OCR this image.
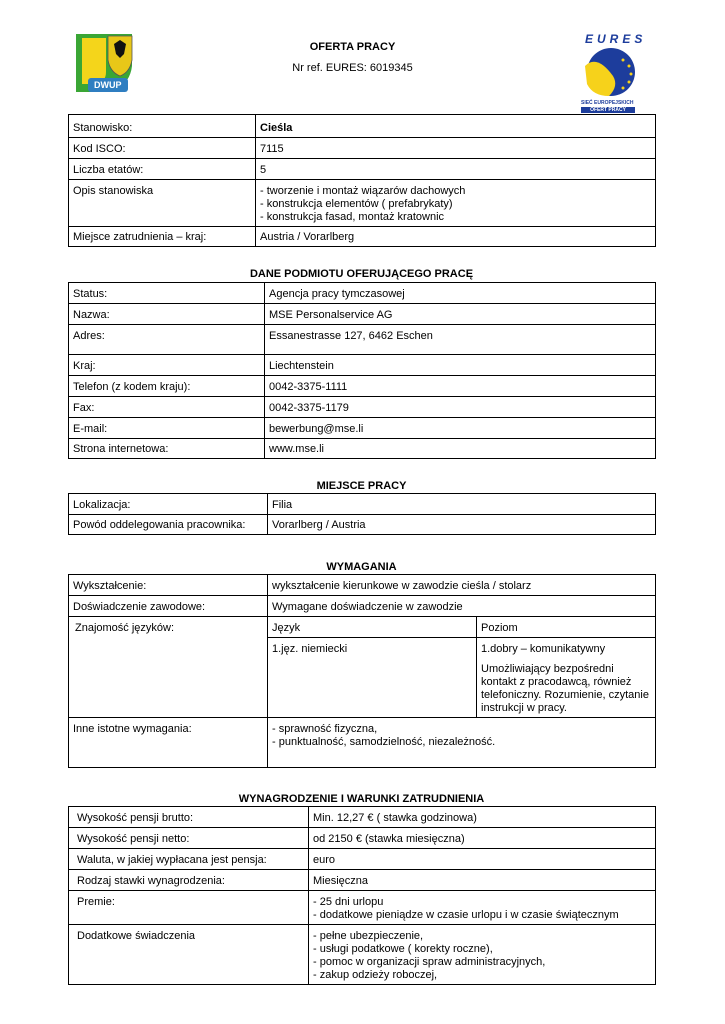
DWUP
OFERTA PRACY
Nr ref. EURES: 6019345
EURES
SIEĆ EUROPEJSKICH
OFERT PRACY
Stanowisko:	Cieśla
Kod ISCO:	7115
Liczba etatów:	5
Opis stanowiska	- tworzenie i montaż wiązarów dachowych
- konstrukcja elementów ( prefabrykaty)
- konstrukcja fasad, montaż kratownic
Miejsce zatrudnienia – kraj:	Austria / Vorarlberg
DANE PODMIOTU OFERUJĄCEGO PRACĘ
Status:	Agencja pracy tymczasowej
Nazwa:	MSE Personalservice AG
Adres:	Essanestrasse 127, 6462 Eschen
Kraj:	Liechtenstein
Telefon (z kodem kraju):	0042-3375-1111
Fax:	0042-3375-1179
E-mail:	bewerbung@mse.li
Strona internetowa:	www.mse.li
MIEJSCE PRACY
Lokalizacja:	Filia
Powód oddelegowania pracownika:	Vorarlberg / Austria
WYMAGANIA
Wykształcenie:	wykształcenie kierunkowe w zawodzie cieśla / stolarz	
Doświadczenie zawodowe:	Wymagane doświadczenie w zawodzie	
Znajomość języków:	Język	Poziom
	1.jęz. niemiecki	1.dobry – komunikatywny
Umożliwiający bezpośredni kontakt z pracodawcą, również telefoniczny. Rozumienie, czytanie instrukcji w pracy.

Inne istotne wymagania:	- sprawność fizyczna,
- punktualność, samodzielność, niezależność.	
WYNAGRODZENIE I WARUNKI ZATRUDNIENIA
Wysokość pensji brutto:	Min. 12,27 € ( stawka godzinowa)
Wysokość pensji netto:	od 2150 € (stawka miesięczna)
Waluta, w jakiej wypłacana jest pensja:	euro
Rodzaj stawki wynagrodzenia:	Miesięczna
Premie:	- 25 dni urlopu
- dodatkowe pieniądze w czasie urlopu i w czasie świątecznym
Dodatkowe świadczenia	- pełne ubezpieczenie,
- usługi podatkowe ( korekty roczne),
- pomoc w organizacji spraw administracyjnych,
- zakup odzieży roboczej,
